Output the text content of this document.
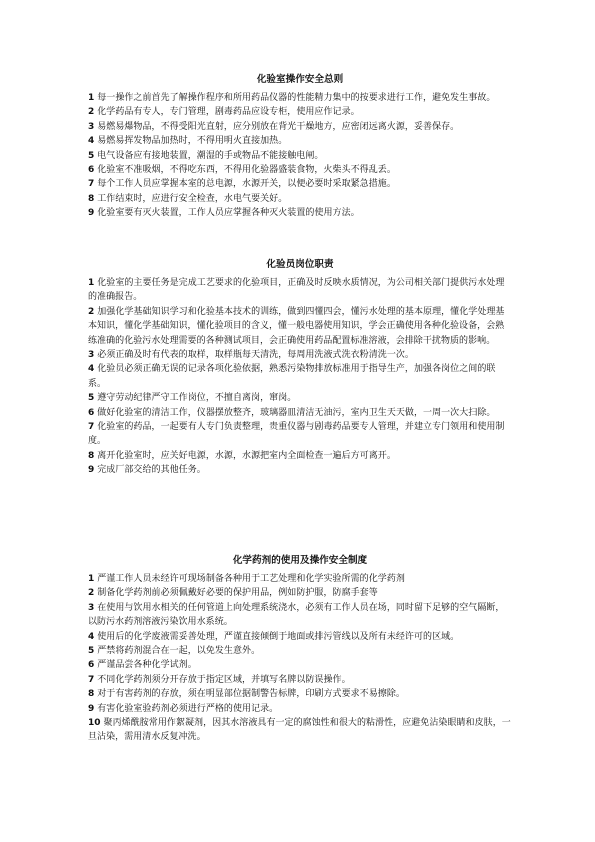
化验室操作安全总则

1 每一操作之前首先了解操作程序和所用药品仪器的性能精力集中的按要求进行工作，避免发生事故。

2 化学药品有专人，专门管理，剧毒药品应设专柜，使用应作记录。

3 易燃易爆物品，不得受阳光直射，应分别放在背光干燥地方，应密闭远离火源，妥善保存。

4 易燃易挥发物品加热时，不得用明火直接加热。

5 电气设备应有接地装置，潮湿的手或物品不能接触电闸。

6 化验室不准吸烟，不得吃东西，不得用化验器盛装食物，火柴头不得乱丢。

7 每个工作人员应掌握本室的总电源，水源开关，以便必要时采取紧急措施。

8 工作结束时，应进行安全检查，水电气要关好。

9 化验室要有灭火装置，工作人员应掌握各种灭火装置的使用方法。

化验员岗位职责

1 化验室的主要任务是完成工艺要求的化验项目，正确及时反映水质情况，为公司相关部门提供污水处理的准确报告。

2 加强化学基础知识学习和化验基本技术的训练，做到四懂四会，懂污水处理的基本原理，懂化学处理基本知识，懂化学基础知识，懂化验项目的含义，懂一般电器使用知识，学会正确使用各种化验设备，会熟练准确的化验污水处理需要的各种测试项目，会正确使用药品配置标准溶液，会排除干扰物质的影响。

3 必须正确及时有代表的取样，取样瓶每天清洗，每周用洗液式洗衣粉清洗一次。

4 化验员必须正确无误的记录各项化验依据，熟悉污染物排放标准用于指导生产，加强各岗位之间的联系。

5 遵守劳动纪律严守工作岗位，不擅自离岗，窜岗。

6 做好化验室的清洁工作，仪器摆放整齐，玻璃器皿清洁无油污，室内卫生天天做，一周一次大扫除。

7 化验室的药品，一起要有人专门负责整理，贵重仪器与剧毒药品要专人管理，并建立专门领用和使用制度。

8 离开化验室时，应关好电源，水源，水源把室内全面检查一遍后方可离开。

9 完成厂部交给的其他任务。

化学药剂的使用及操作安全制度

1 严谨工作人员未经许可现场制备各种用于工艺处理和化学实验所需的化学药剂

2 制备化学药剂前必须佩戴好必要的保护用品，例如防护服，防腐手套等

3 在使用与饮用水相关的任何管道上向处理系统浇水，必须有工作人员在场，同时留下足够的空气隔断，以防污水药剂溶液污染饮用水系统。

4 使用后的化学废液需妥善处理，严谨直接倾倒于地面或排污管线以及所有未经许可的区域。

5 严禁将药剂混合在一起，以免发生意外。

6 严谨品尝各种化学试剂。

7 不同化学药剂须分开存放于指定区域，并填写名牌以防误操作。

8 对于有害药剂的存放，须在明显部位据制警告标牌，印刷方式要求不易擦除。

9 有害化验室验药剂必须进行严格的使用记录。

10 聚丙烯酰胺常用作絮凝剂，因其水溶液具有一定的腐蚀性和很大的粘滑性，应避免沾染眼睛和皮肤，一旦沾染，需用清水反复冲洗。
